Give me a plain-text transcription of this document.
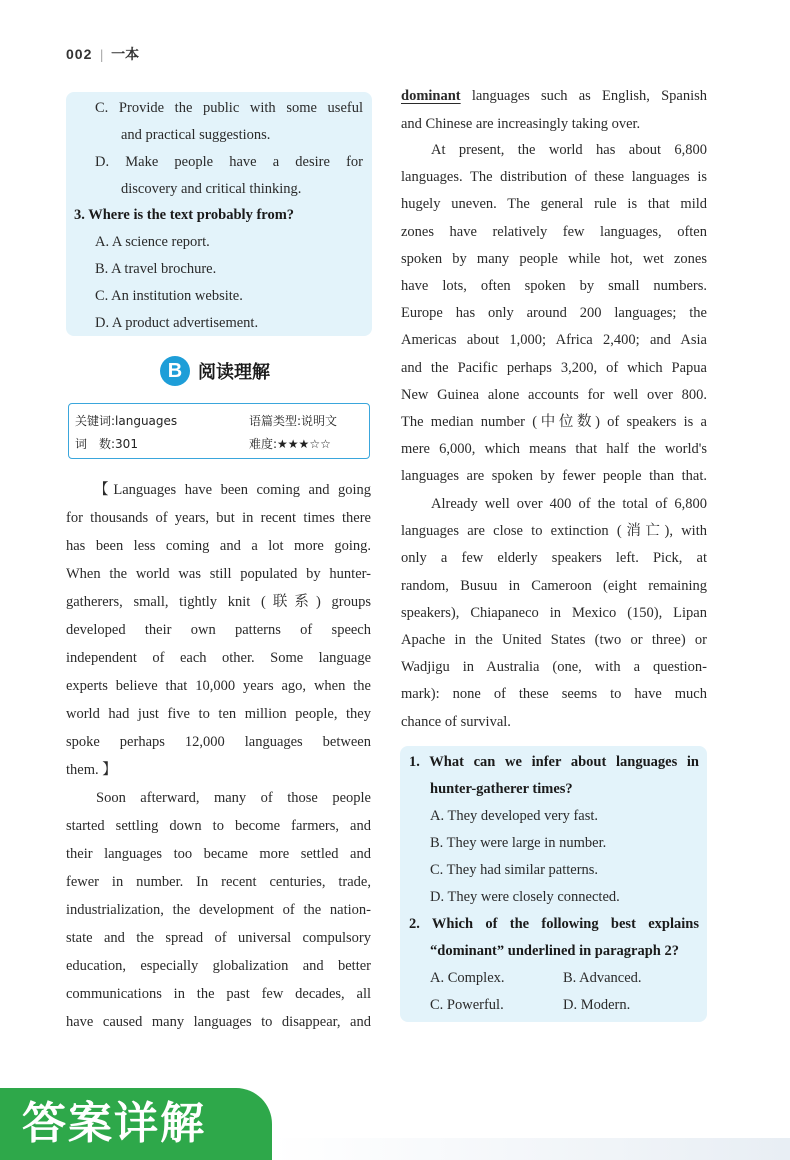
002 | 一本
C. Provide the public with some useful
and practical suggestions.
D. Make people have a desire for
discovery and critical thinking.
3. Where is the text probably from?
A. A science report.
B. A travel brochure.
C. An institution website.
D. A product advertisement.
B 阅读理解
关键词:languages	语篇类型:说明文
词　数:301	难度:★★★☆☆
【Languages have been coming and going
for thousands of years, but in recent times there
has been less coming and a lot more going.
When the world was still populated by hunter-
gatherers, small, tightly knit (联系) groups
developed their own patterns of speech
independent of each other. Some language
experts believe that 10,000 years ago, when the
world had just five to ten million people, they
spoke perhaps 12,000 languages between
them. 】
Soon afterward, many of those people
started settling down to become farmers, and
their languages too became more settled and
fewer in number. In recent centuries, trade,
industrialization, the development of the nation-
state and the spread of universal compulsory
education, especially globalization and better
communications in the past few decades, all
have caused many languages to disappear, and
dominant languages such as English, Spanish
and Chinese are increasingly taking over.
At present, the world has about 6,800
languages. The distribution of these languages is
hugely uneven. The general rule is that mild
zones have relatively few languages, often
spoken by many people while hot, wet zones
have lots, often spoken by small numbers.
Europe has only around 200 languages; the
Americas about 1,000; Africa 2,400; and Asia
and the Pacific perhaps 3,200, of which Papua
New Guinea alone accounts for well over 800.
The median number (中位数) of speakers is a
mere 6,000, which means that half the world's
languages are spoken by fewer people than that.
Already well over 400 of the total of 6,800
languages are close to extinction (消亡), with
only a few elderly speakers left. Pick, at
random, Busuu in Cameroon (eight remaining
speakers), Chiapaneco in Mexico (150), Lipan
Apache in the United States (two or three) or
Wadjigu in Australia (one, with a question-
mark): none of these seems to have much
chance of survival.
1. What can we infer about languages in
hunter-gatherer times?
A. They developed very fast.
B. They were large in number.
C. They had similar patterns.
D. They were closely connected.
2. Which of the following best explains
“dominant” underlined in paragraph 2?
A. Complex.	B. Advanced.
C. Powerful.	D. Modern.
答案详解
